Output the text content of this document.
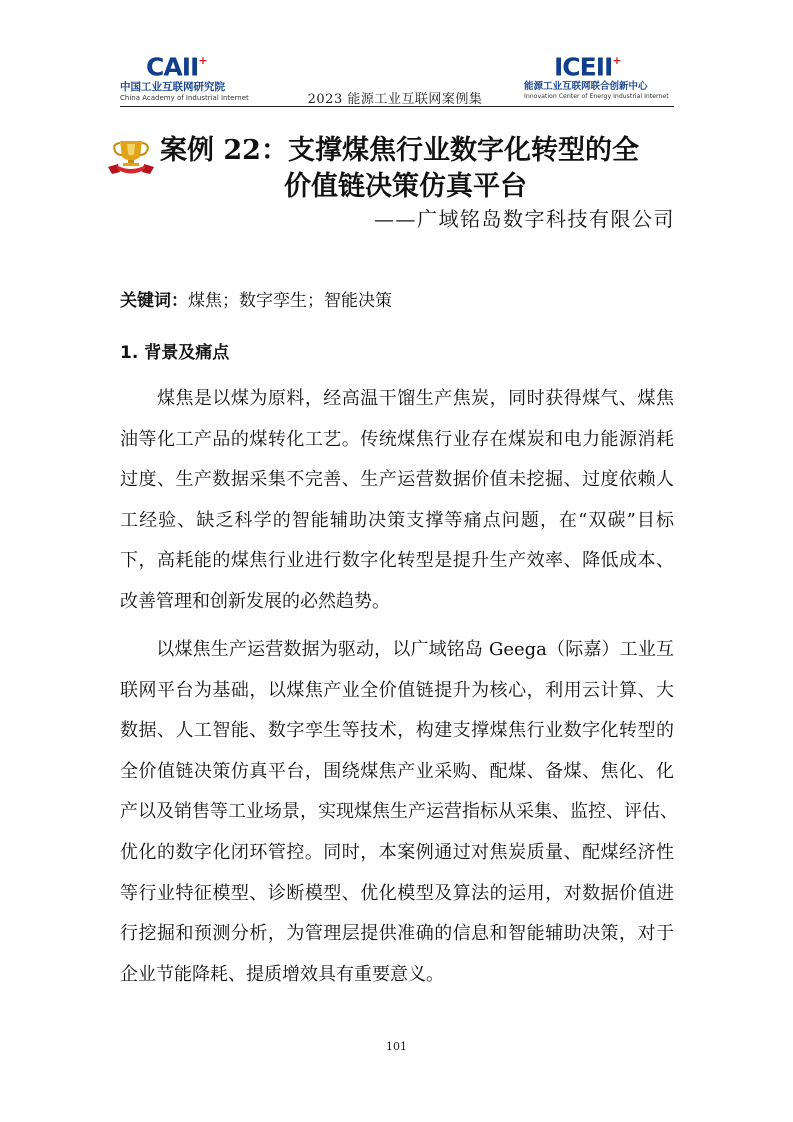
CAII+
中国工业互联网研究院
China Academy of Industrial Internet	2023 能源工业互联网案例集
ICEII+
能源工业互联网联合创新中心
Innovation Center of Energy Industrial Internet
案例 22：支撑煤焦行业数字化转型的全
价值链决策仿真平台
——广域铭岛数字科技有限公司
关键词：煤焦；数字孪生；智能决策
1. 背景及痛点
　　煤焦是以煤为原料，经高温干馏生产焦炭，同时获得煤气、煤焦
油等化工产品的煤转化工艺。传统煤焦行业存在煤炭和电力能源消耗
过度、生产数据采集不完善、生产运营数据价值未挖掘、过度依赖人
工经验、缺乏科学的智能辅助决策支撑等痛点问题，在“双碳”目标
下，高耗能的煤焦行业进行数字化转型是提升生产效率、降低成本、
改善管理和创新发展的必然趋势。
　　以煤焦生产运营数据为驱动，以广域铭岛 Geega（际嘉）工业互
联网平台为基础，以煤焦产业全价值链提升为核心，利用云计算、大
数据、人工智能、数字孪生等技术，构建支撑煤焦行业数字化转型的
全价值链决策仿真平台，围绕煤焦产业采购、配煤、备煤、焦化、化
产以及销售等工业场景，实现煤焦生产运营指标从采集、监控、评估、
优化的数字化闭环管控。同时，本案例通过对焦炭质量、配煤经济性
等行业特征模型、诊断模型、优化模型及算法的运用，对数据价值进
行挖掘和预测分析，为管理层提供准确的信息和智能辅助决策，对于
企业节能降耗、提质增效具有重要意义。
101
